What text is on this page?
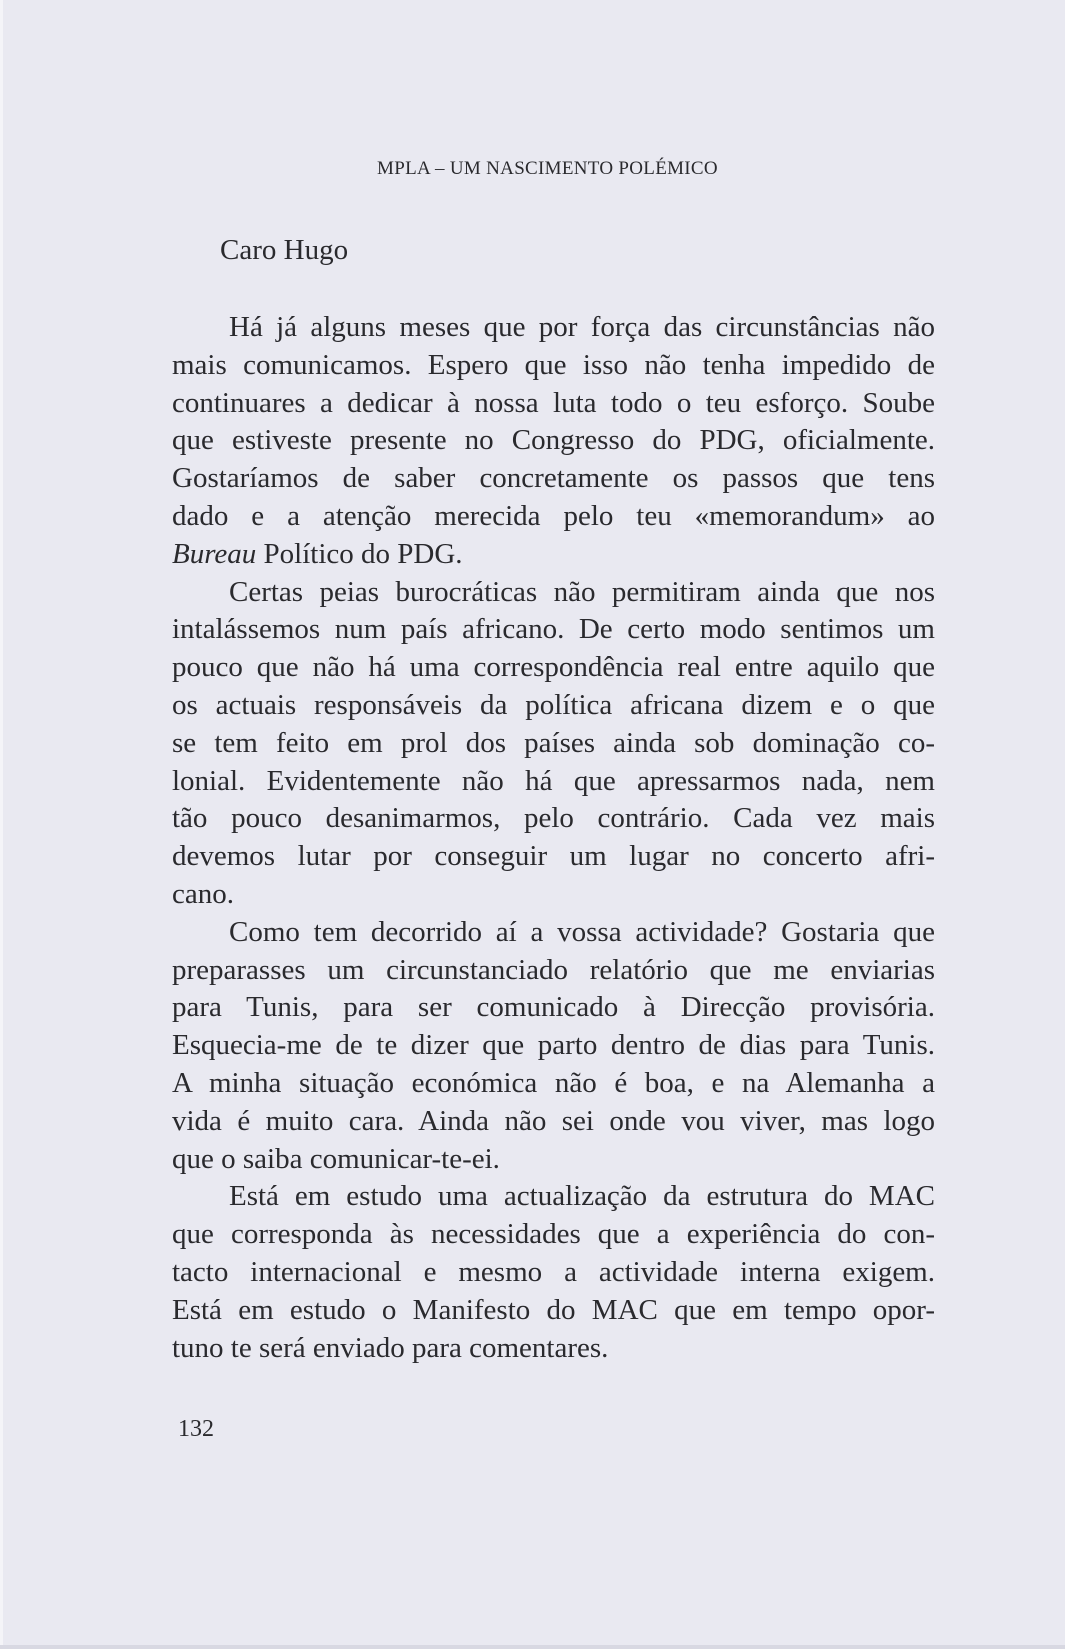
MPLA – UM NASCIMENTO POLÉMICO
Caro Hugo
Há já alguns meses que por força das circunstâncias não
mais comunicamos. Espero que isso não tenha impedido de
continuares a dedicar à nossa luta todo o teu esforço. Soube
que estiveste presente no Congresso do PDG, oficialmente.
Gostaríamos de saber concretamente os passos que tens
dado e a atenção merecida pelo teu «memorandum» ao
Bureau Político do PDG.
Certas peias burocráticas não permitiram ainda que nos
intalássemos num país africano. De certo modo sentimos um
pouco que não há uma correspondência real entre aquilo que
os actuais responsáveis da política africana dizem e o que
se tem feito em prol dos países ainda sob dominação co-
lonial. Evidentemente não há que apressarmos nada, nem
tão pouco desanimarmos, pelo contrário. Cada vez mais
devemos lutar por conseguir um lugar no concerto afri-
cano.
Como tem decorrido aí a vossa actividade? Gostaria que
preparasses um circunstanciado relatório que me enviarias
para Tunis, para ser comunicado à Direcção provisória.
Esquecia-me de te dizer que parto dentro de dias para Tunis.
A minha situação económica não é boa, e na Alemanha a
vida é muito cara. Ainda não sei onde vou viver, mas logo
que o saiba comunicar-te-ei.
Está em estudo uma actualização da estrutura do MAC
que corresponda às necessidades que a experiência do con-
tacto internacional e mesmo a actividade interna exigem.
Está em estudo o Manifesto do MAC que em tempo opor-
tuno te será enviado para comentares.
132
